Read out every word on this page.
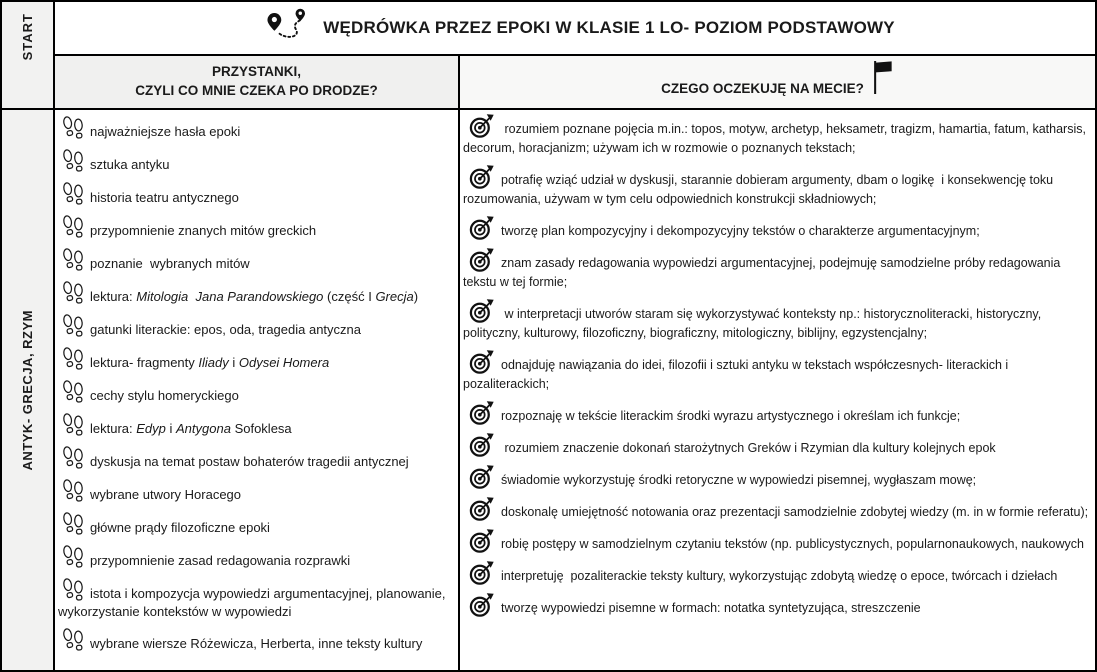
START	WĘDRÓWKA PRZEZ EPOKI W KLASIE 1 LO- POZIOM PODSTAWOWY
PRZYSTANKI,
CZYLI CO MNIE CZEKA PO DRODZE?	CZEGO OCZEKUJĘ NA MECIE?
ANTYK- GRECJA, RZYM
najważniejsze hasła epoki
sztuka antyku
historia teatru antycznego
przypomnienie znanych mitów greckich
poznanie  wybranych mitów
lektura: Mitologia  Jana Parandowskiego (część I Grecja)
gatunki literackie: epos, oda, tragedia antyczna
lektura- fragmenty Iliady i Odysei Homera
cechy stylu homeryckiego
lektura: Edyp i Antygona Sofoklesa
dyskusja na temat postaw bohaterów tragedii antycznej
wybrane utwory Horacego
główne prądy filozoficzne epoki
przypomnienie zasad redagowania rozprawki
istota i kompozycja wypowiedzi argumentacyjnej, planowanie, wykorzystanie kontekstów w wypowiedzi
wybrane wiersze Różewicza, Herberta, inne teksty kultury
rozumiem poznane pojęcia m.in.: topos, motyw, archetyp, heksametr, tragizm, hamartia, fatum, katharsis, decorum, horacjanizm; używam ich w rozmowie o poznanych tekstach;
potrafię wziąć udział w dyskusji, starannie dobieram argumenty, dbam o logikę  i konsekwencję toku rozumowania, używam w tym celu odpowiednich konstrukcji składniowych;
tworzę plan kompozycyjny i dekompozycyjny tekstów o charakterze argumentacyjnym;
znam zasady redagowania wypowiedzi argumentacyjnej, podejmuję samodzielne próby redagowania tekstu w tej formie;
w interpretacji utworów staram się wykorzystywać konteksty np.: historycznoliteracki, historyczny, polityczny, kulturowy, filozoficzny, biograficzny, mitologiczny, biblijny, egzystencjalny;
odnajduję nawiązania do idei, filozofii i sztuki antyku w tekstach współczesnych- literackich i pozaliterackich;
rozpoznaję w tekście literackim środki wyrazu artystycznego i określam ich funkcje;
rozumiem znaczenie dokonań starożytnych Greków i Rzymian dla kultury kolejnych epok
świadomie wykorzystuję środki retoryczne w wypowiedzi pisemnej, wygłaszam mowę;
doskonalę umiejętność notowania oraz prezentacji samodzielnie zdobytej wiedzy (m. in w formie referatu);
robię postępy w samodzielnym czytaniu tekstów (np. publicystycznych, popularnonaukowych, naukowych
interpretuję  pozaliterackie teksty kultury, wykorzystując zdobytą wiedzę o epoce, twórcach i dziełach
tworzę wypowiedzi pisemne w formach: notatka syntetyzująca, streszczenie
